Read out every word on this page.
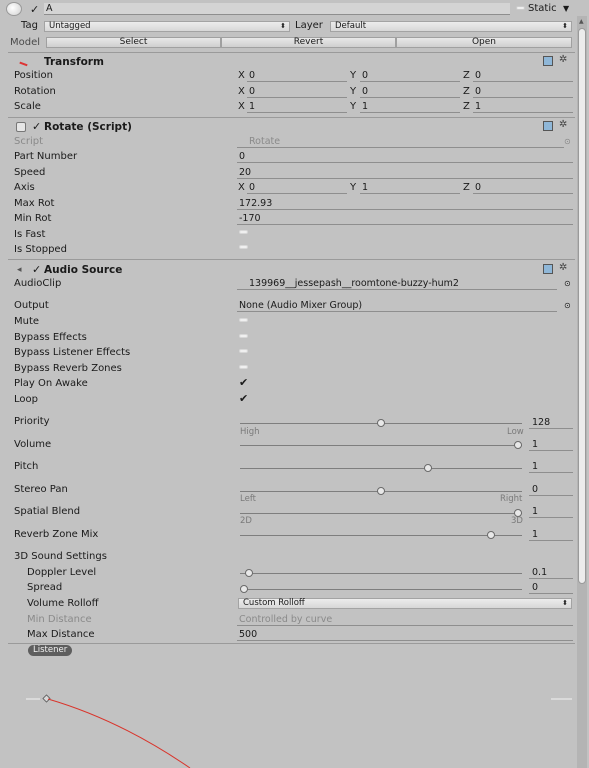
✓ A	Static ▼
Tag	Untagged	⬍ Layer	Default	⬍
Model	Select	Revert	Open
Transform	✲
Position	X 0	Y 0	Z 0
Rotation	X 0	Y 0	Z 0
Scale	X 1	Y 1	Z 1
✓ Rotate (Script)	✲
Script	Rotate	⊙
Part Number	0
Speed	20
Axis	X 0	Y 1	Z 0
Max Rot	172.93
Min Rot	-170
Is Fast
Is Stopped
◂ ✓ Audio Source	✲
AudioClip	139969__jessepash__roomtone-buzzy-hum2	⊙
Output	None (Audio Mixer Group)	⊙
Mute
Bypass Effects
Bypass Listener Effects
Bypass Reverb Zones
Play On Awake	✔
Loop	✔
Priority	128
High	Low
Volume	1
Pitch	1
Stereo Pan	0
Left	Right
Spatial Blend	1
2D	3D
Reverb Zone Mix	1
3D Sound Settings
Doppler Level	0.1
Spread	0
Volume Rolloff	Custom Rolloff	⬍
Min Distance	Controlled by curve
Max Distance	500
Listener
▲
